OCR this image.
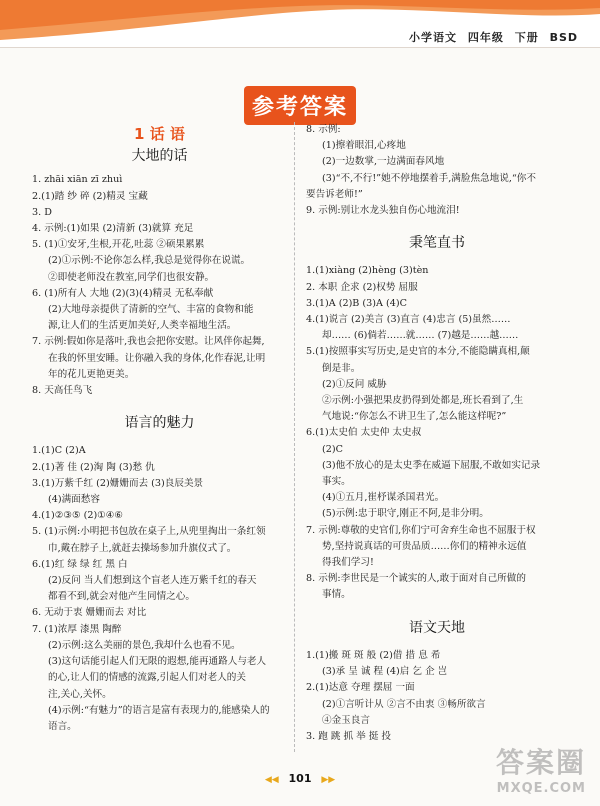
小学语文 四年级 下册 BSD
参考答案
1 话 语
大地的话
1. zhāi xiān zī zhuì
2.(1)踏 纱 碎 (2)精灵 宝藏
3. D
4. 示例:(1)如果 (2)清新 (3)就算 充足
5. (1)①安牙,生根,开花,吐蕊 ②硕果累累
(2)①示例:不论你怎么样,我总是觉得你在说谎。
②即使老师没在教室,同学们也很安静。
6. (1)所有人 大地 (2)(3)(4)精灵 无私奉献
(2)大地母亲提供了清新的空气、丰富的食物和能
源,让人们的生活更加美好,人类幸福地生活。
7. 示例:假如你是落叶,我也会把你安慰。让风伴你起舞,
在我的怀里安睡。让你融入我的身体,化作春泥,让明
年的花儿更艳更美。
8. 天高任鸟飞
语言的魅力
1.(1)C (2)A
2.(1)著 佳 (2)淘 陶 (3)愁 仇
3.(1)万紫千红 (2)姗姗而去 (3)良辰美景
(4)满面愁容
4.(1)②③⑤ (2)①④⑥
5. (1)示例:小明把书包放在桌子上,从兜里掏出一条红领
巾,戴在脖子上,就赶去操场参加升旗仪式了。
6.(1)红 绿 绿 红 黑 白
(2)反问 当人们想到这个盲老人连万紫千红的春天
都看不到,就会对他产生同情之心。
6. 无动于衷 姗姗而去 对比
7. (1)浓厚 漆黑 陶醉
(2)示例:这么美丽的景色,我却什么也看不见。
(3)这句话能引起人们无限的遐想,能再通路人与老人
的心,让人们的情感的流露,引起人们对老人的关
注,关心,关怀。
(4)示例:“有魅力”的语言是富有表现力的,能感染人的
语言。
8. 示例:
(1)擦着眼泪,心疼地
(2)一边数掌,一边满面春风地
(3)“不,不行!”她不停地摆着手,满脸焦急地说,“你不
要告诉老师!”
9. 示例:别让水龙头独自伤心地流泪!
秉笔直书
1.(1)xiàng (2)hèng (3)tèn
2. 本职 企求 (2)权势 屈服
3.(1)A (2)B (3)A (4)C
4.(1)说言 (2)美言 (3)直言 (4)忠言 (5)虽然……
却…… (6)倘若……就…… (7)越是……越……
5.(1)按照事实写历史,是史官的本分,不能隐瞒真相,颠
倒是非。
(2)①反问 威胁
②示例:小强把果皮扔得到处都是,班长看到了,生
气地说:“你怎么不讲卫生了,怎么能这样呢?”
6.(1)太史伯 太史仲 太史叔
(2)C
(3)他不放心的是太史季在威逼下屈服,不敢如实记录
事实。
(4)①五月,崔杼谋杀国君光。
(5)示例:忠于职守,刚正不阿,是非分明。
7. 示例:尊敬的史官们,你们宁可舍弃生命也不屈服于权
势,坚持说真话的可贵品质……你们的精神永远值
得我们学习!
8. 示例:李世民是一个诚实的人,敢于面对自己所做的
事情。
语文天地
1.(1)搬 斑 斑 般 (2)借 措 息 希
(3)承 呈 诚 程 (4)启 乞 企 岂
2.(1)达意 夺理 摆屈 一面
(2)①言听计从 ②言不由衷 ③畅所欲言
④金玉良言
3. 跑 跳 抓 举 挺 投
◀◀ 101 ▶▶
答案圈
MXQE.COM
